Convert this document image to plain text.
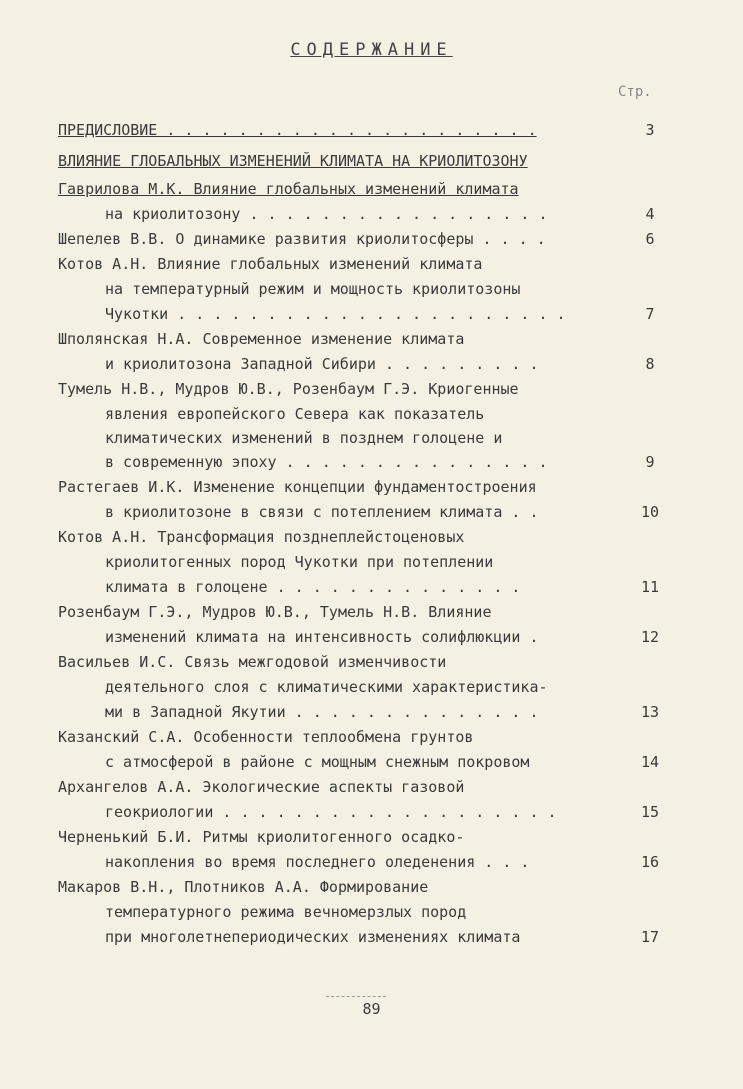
СОДЕРЖАНИЕ
Стр.
ПРЕДИСЛОВИЕ . . . . . . . . . . . . . . . . . . . . .	3
ВЛИЯНИЕ ГЛОБАЛЬНЫХ ИЗМЕНЕНИЙ КЛИМАТА НА КРИОЛИТОЗОНУ
Гаврилова М.К. Влияние глобальных изменений климата
на криолитозону . . . . . . . . . . . . . . . . .	4
Шепелев В.В. О динамике развития криолитосферы . . . .	6
Котов А.Н. Влияние глобальных изменений климата
на температурный режим и мощность криолитозоны
Чукотки . . . . . . . . . . . . . . . . . . . . . .	7
Шполянская Н.А. Современное изменение климата
и криолитозона Западной Сибири . . . . . . . . .	8
Тумель Н.В., Мудров Ю.В., Розенбаум Г.Э. Криогенные
явления европейского Севера как показатель
климатических изменений в позднем голоцене и
в современную эпоху . . . . . . . . . . . . . . .	9
Растегаев И.К. Изменение концепции фундаментостроения
в криолитозоне в связи с потеплением климата . .	10
Котов А.Н. Трансформация позднеплейстоценовых
криолитогенных пород Чукотки при потеплении
климата в голоцене . . . . . . . . . . . . . .	11
Розенбаум Г.Э., Мудров Ю.В., Тумель Н.В. Влияние
изменений климата на интенсивность солифлюкции .	12
Васильев И.С. Связь межгодовой изменчивости
деятельного слоя с климатическими характеристика-
ми в Западной Якутии . . . . . . . . . . . . . .	13
Казанский С.А. Особенности теплообмена грунтов
с атмосферой в районе с мощным снежным покровом	14
Архангелов А.А. Экологические аспекты газовой
геокриологии . . . . . . . . . . . . . . . . . . .	15
Черненький Б.И. Ритмы криолитогенного осадко-
накопления во время последнего оледенения . . .	16
Макаров В.Н., Плотников А.А. Формирование
температурного режима вечномерзлых пород
при многолетнепериодических изменениях климата	17
89
